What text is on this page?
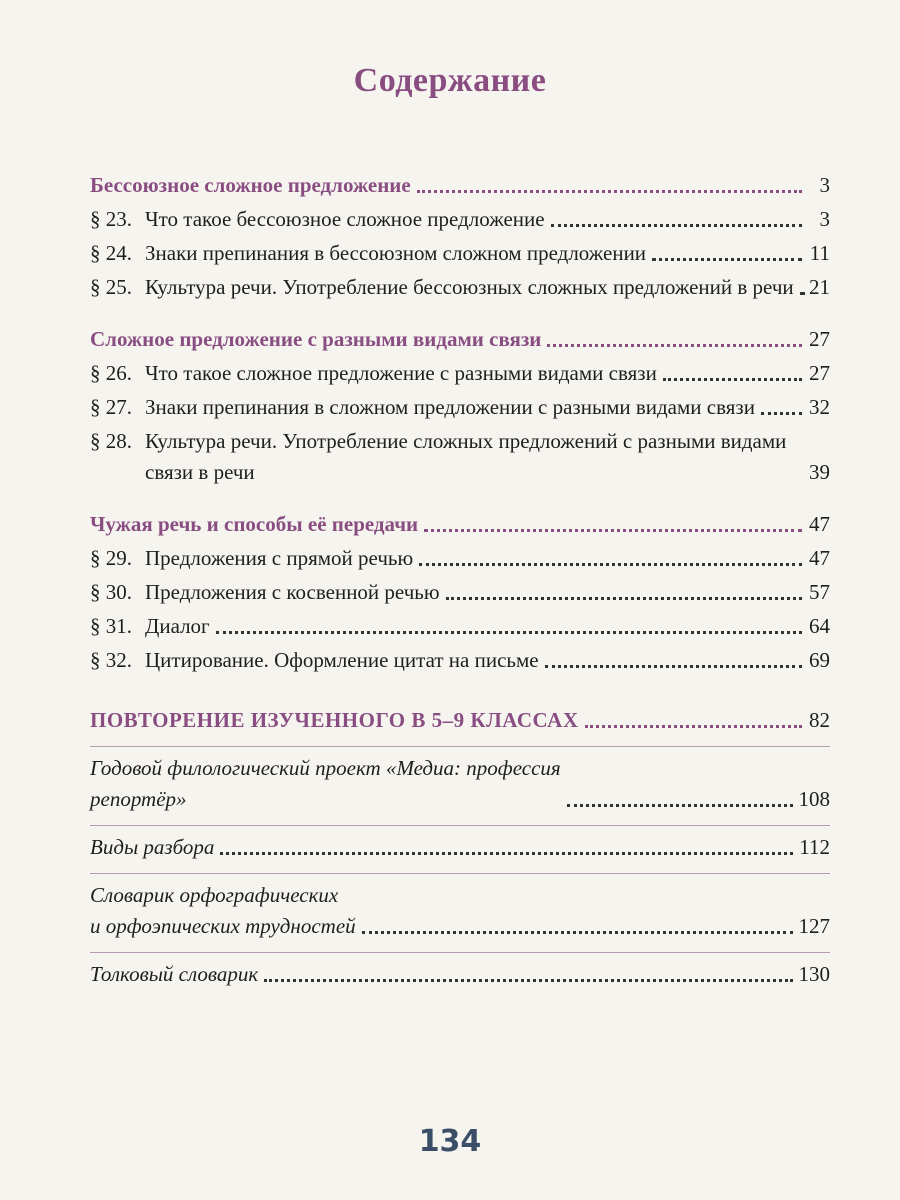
Содержание
Бессоюзное сложное предложение	3
§ 23. Что такое бессоюзное сложное предложение	3
§ 24. Знаки препинания в бессоюзном сложном предложении	11
§ 25. Культура речи. Употребление бессоюзных сложных предложений в речи 21
Сложное предложение с разными видами связи	27
§ 26. Что такое сложное предложение с разными видами связи	27
§ 27. Знаки препинания в сложном предложении с разными видами связи	32
§ 28. Культура речи. Употребление сложных предложений с разными видами связи в речи	39
Чужая речь и способы её передачи	47
§ 29. Предложения с прямой речью	47
§ 30. Предложения с косвенной речью	57
§ 31. Диалог	64
§ 32. Цитирование. Оформление цитат на письме	69
ПОВТОРЕНИЕ ИЗУЧЕННОГО В 5–9 КЛАССАХ	82
Годовой филологический проект «Медиа: профессия
репортёр»	108
Виды разбора	112
Словарик орфографических
и орфоэпических трудностей	127
Толковый словарик	130
134
